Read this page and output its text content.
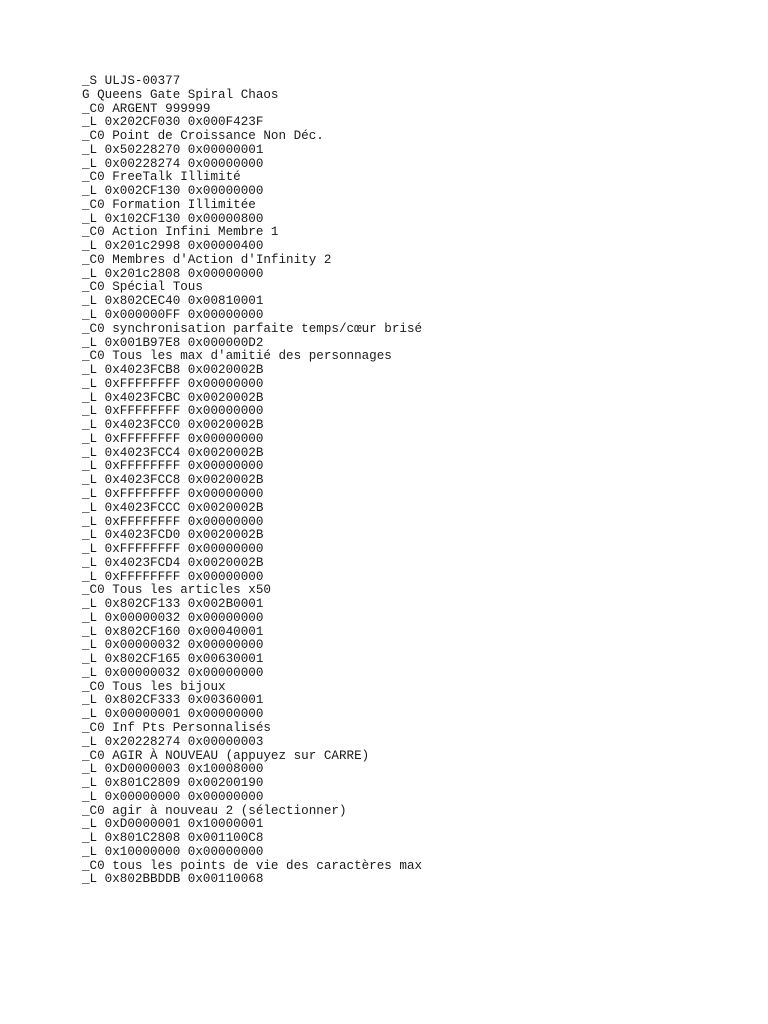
_S ULJS-00377
G Queens Gate Spiral Chaos
_C0 ARGENT 999999
_L 0x202CF030 0x000F423F
_C0 Point de Croissance Non Déc.
_L 0x50228270 0x00000001
_L 0x00228274 0x00000000
_C0 FreeTalk Illimité
_L 0x002CF130 0x00000000
_C0 Formation Illimitée
_L 0x102CF130 0x00000800
_C0 Action Infini Membre 1
_L 0x201c2998 0x00000400
_C0 Membres d'Action d'Infinity 2
_L 0x201c2808 0x00000000
_C0 Spécial Tous
_L 0x802CEC40 0x00810001
_L 0x000000FF 0x00000000
_C0 synchronisation parfaite temps/cœur brisé
_L 0x001B97E8 0x000000D2
_C0 Tous les max d'amitié des personnages
_L 0x4023FCB8 0x0020002B
_L 0xFFFFFFFF 0x00000000
_L 0x4023FCBC 0x0020002B
_L 0xFFFFFFFF 0x00000000
_L 0x4023FCC0 0x0020002B
_L 0xFFFFFFFF 0x00000000
_L 0x4023FCC4 0x0020002B
_L 0xFFFFFFFF 0x00000000
_L 0x4023FCC8 0x0020002B
_L 0xFFFFFFFF 0x00000000
_L 0x4023FCCC 0x0020002B
_L 0xFFFFFFFF 0x00000000
_L 0x4023FCD0 0x0020002B
_L 0xFFFFFFFF 0x00000000
_L 0x4023FCD4 0x0020002B
_L 0xFFFFFFFF 0x00000000
_C0 Tous les articles x50
_L 0x802CF133 0x002B0001
_L 0x00000032 0x00000000
_L 0x802CF160 0x00040001
_L 0x00000032 0x00000000
_L 0x802CF165 0x00630001
_L 0x00000032 0x00000000
_C0 Tous les bijoux
_L 0x802CF333 0x00360001
_L 0x00000001 0x00000000
_C0 Inf Pts Personnalisés
_L 0x20228274 0x00000003
_C0 AGIR À NOUVEAU (appuyez sur CARRE)
_L 0xD0000003 0x10008000
_L 0x801C2809 0x00200190
_L 0x00000000 0x00000000
_C0 agir à nouveau 2 (sélectionner)
_L 0xD0000001 0x10000001
_L 0x801C2808 0x001100C8
_L 0x10000000 0x00000000
_C0 tous les points de vie des caractères max
_L 0x802BBDDB 0x00110068
